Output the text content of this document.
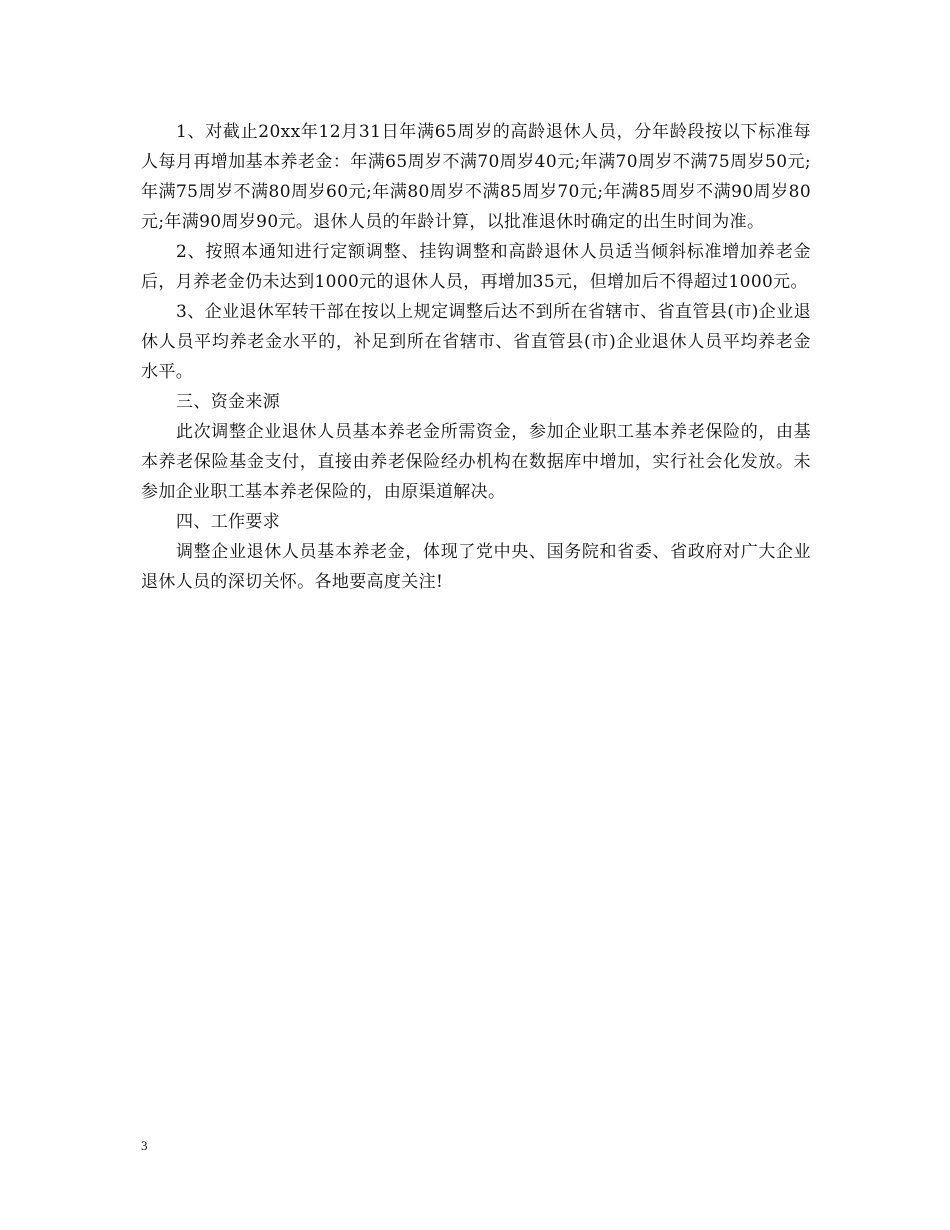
1、对截止20xx年12月31日年满65周岁的高龄退休人员，分年龄段按以下标准每人每月再增加基本养老金：年满65周岁不满70周岁40元;年满70周岁不满75周岁50元;年满75周岁不满80周岁60元;年满80周岁不满85周岁70元;年满85周岁不满90周岁80元;年满90周岁90元。退休人员的年龄计算，以批准退休时确定的出生时间为准。

2、按照本通知进行定额调整、挂钩调整和高龄退休人员适当倾斜标准增加养老金后，月养老金仍未达到1000元的退休人员，再增加35元，但增加后不得超过1000元。

3、企业退休军转干部在按以上规定调整后达不到所在省辖市、省直管县(市)企业退休人员平均养老金水平的，补足到所在省辖市、省直管县(市)企业退休人员平均养老金水平。

三、资金来源

此次调整企业退休人员基本养老金所需资金，参加企业职工基本养老保险的，由基本养老保险基金支付，直接由养老保险经办机构在数据库中增加，实行社会化发放。未参加企业职工基本养老保险的，由原渠道解决。

四、工作要求

调整企业退休人员基本养老金，体现了党中央、国务院和省委、省政府对广大企业退休人员的深切关怀。各地要高度关注!

3
